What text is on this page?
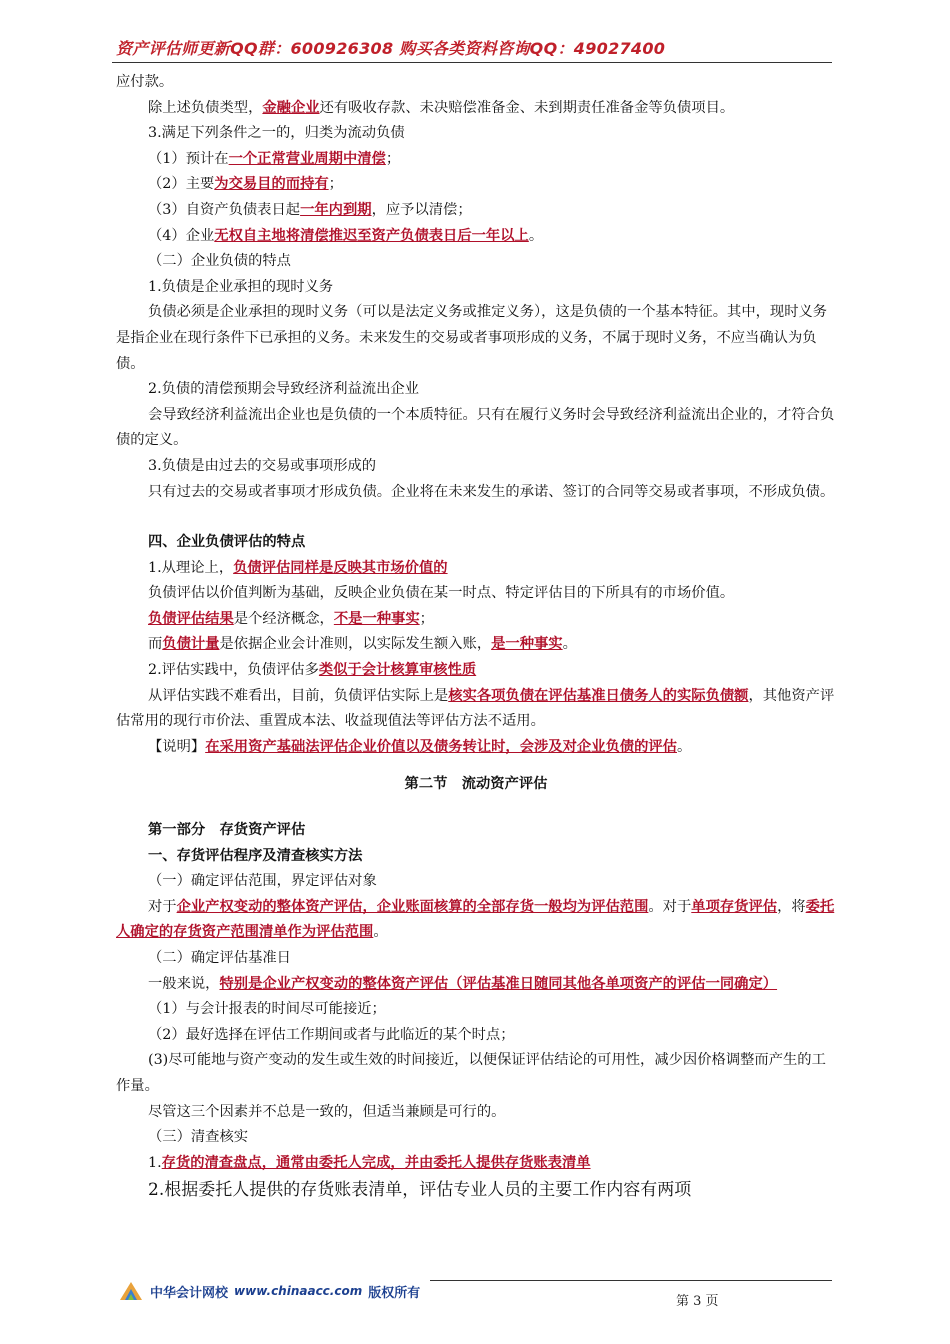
资产评估师更新QQ群：600926308 购买各类资料咨询QQ：49027400

应付款。

除上述负债类型，金融企业还有吸收存款、未决赔偿准备金、未到期责任准备金等负债项目。

3.满足下列条件之一的，归类为流动负债

（1）预计在一个正常营业周期中清偿；

（2）主要为交易目的而持有；

（3）自资产负债表日起一年内到期，应予以清偿；

（4）企业无权自主地将清偿推迟至资产负债表日后一年以上。

（二）企业负债的特点

1.负债是企业承担的现时义务

负债必须是企业承担的现时义务（可以是法定义务或推定义务），这是负债的一个基本特征。其中，现时义务是指企业在现行条件下已承担的义务。未来发生的交易或者事项形成的义务，不属于现时义务，不应当确认为负债。

2.负债的清偿预期会导致经济利益流出企业

会导致经济利益流出企业也是负债的一个本质特征。只有在履行义务时会导致经济利益流出企业的，才符合负债的定义。

3.负债是由过去的交易或事项形成的

只有过去的交易或者事项才形成负债。企业将在未来发生的承诺、签订的合同等交易或者事项，不形成负债。

四、企业负债评估的特点

1.从理论上，负债评估同样是反映其市场价值的

负债评估以价值判断为基础，反映企业负债在某一时点、特定评估目的下所具有的市场价值。

负债评估结果是个经济概念，不是一种事实；

而负债计量是依据企业会计准则，以实际发生额入账，是一种事实。

2.评估实践中，负债评估多类似于会计核算审核性质

从评估实践不难看出，目前，负债评估实际上是核实各项负债在评估基准日债务人的实际负债额，其他资产评估常用的现行市价法、重置成本法、收益现值法等评估方法不适用。

【说明】在采用资产基础法评估企业价值以及债务转让时，会涉及对企业负债的评估。

第二节　流动资产评估

第一部分　存货资产评估

一、存货评估程序及清查核实方法

（一）确定评估范围，界定评估对象

对于企业产权变动的整体资产评估，企业账面核算的全部存货一般均为评估范围。对于单项存货评估，将委托人确定的存货资产范围清单作为评估范围。

（二）确定评估基准日

一般来说，特别是企业产权变动的整体资产评估（评估基准日随同其他各单项资产的评估一同确定）

（1）与会计报表的时间尽可能接近；

（2）最好选择在评估工作期间或者与此临近的某个时点；

(3)尽可能地与资产变动的发生或生效的时间接近，以便保证评估结论的可用性，减少因价格调整而产生的工作量。

尽管这三个因素并不总是一致的，但适当兼顾是可行的。

（三）清查核实

1.存货的清查盘点，通常由委托人完成，并由委托人提供存货账表清单

2.根据委托人提供的存货账表清单，评估专业人员的主要工作内容有两项

中华会计网校 www.chinaacc.com 版权所有
第 3 页
